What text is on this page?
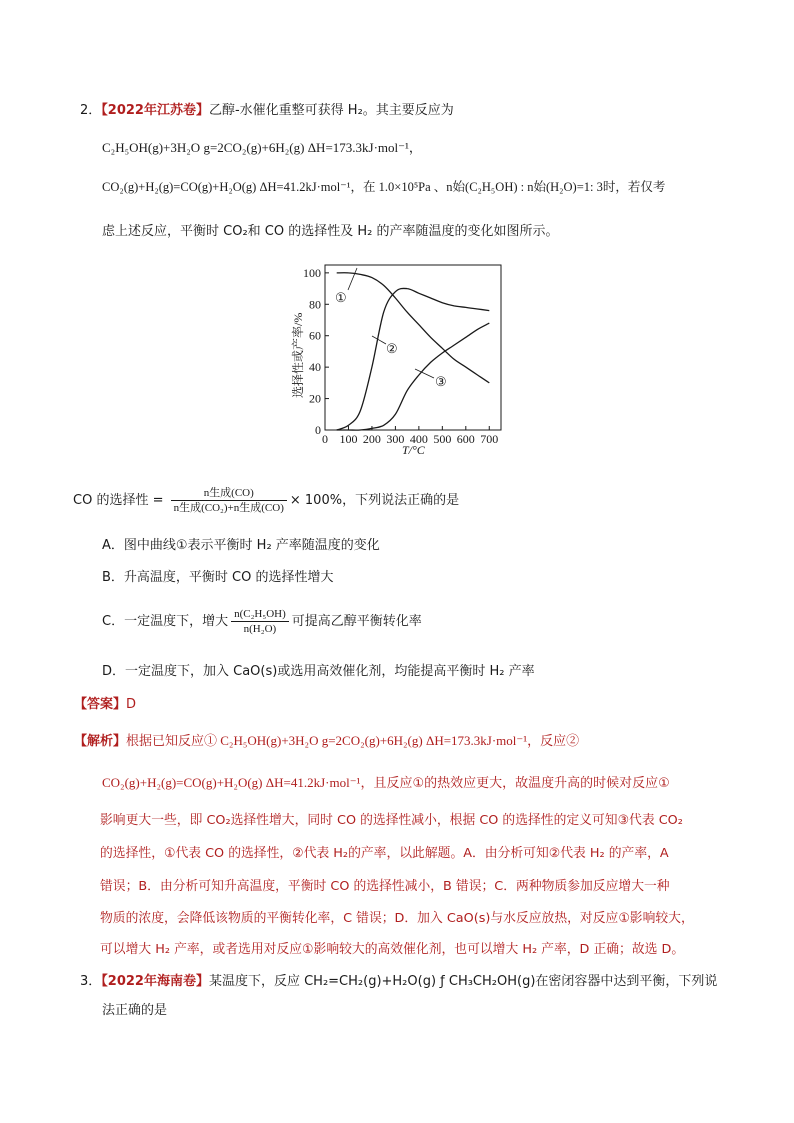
2．【2022年江苏卷】乙醇-水催化重整可获得 H₂。其主要反应为
C₂H₅OH(g)+3H₂O g=2CO₂(g)+6H₂(g) ΔH=173.3kJ·mol⁻¹，
CO₂(g)+H₂(g)=CO(g)+H₂O(g) ΔH=41.2kJ·mol⁻¹，在 1.0×10⁵Pa 、n始(C₂H₅OH) : n始(H₂O)=1: 3时，若仅考
虑上述反应，平衡时 CO₂和 CO 的选择性及 H₂ 的产率随温度的变化如图所示。
0
20
40
60
80
100
0 100 200 300 400 500 600 700
①
②
③
选择性或产率/%
T/°C
CO 的选择性 = $\frac{\text{n生成(CO)}}{\text{n生成(CO₂)+n生成(CO)}} \times 100\%$，下列说法正确的是
A．图中曲线①表示平衡时 H₂ 产率随温度的变化
B．升高温度，平衡时 CO 的选择性增大
C．一定温度下，增大 $\frac{\text{n(C₂H₅OH)}}{\text{n(H₂O)}}$ 可提高乙醇平衡转化率
D．一定温度下，加入 CaO(s)或选用高效催化剂，均能提高平衡时 H₂ 产率
【答案】D
【解析】根据已知反应① C₂H₅OH(g)+3H₂O g=2CO₂(g)+6H₂(g) ΔH=173.3kJ·mol⁻¹，反应②
CO₂(g)+H₂(g)=CO(g)+H₂O(g) ΔH=41.2kJ·mol⁻¹，且反应①的热效应更大，故温度升高的时候对反应①
影响更大一些，即 CO₂选择性增大，同时 CO 的选择性减小，根据 CO 的选择性的定义可知③代表 CO₂
的选择性，①代表 CO 的选择性，②代表 H₂的产率，以此解题。A．由分析可知②代表 H₂ 的产率，A
错误；B．由分析可知升高温度，平衡时 CO 的选择性减小，B 错误；C．两种物质参加反应增大一种
物质的浓度，会降低该物质的平衡转化率，C 错误；D．加入 CaO(s)与水反应放热，对反应①影响较大，
可以增大 H₂ 产率，或者选用对反应①影响较大的高效催化剂，也可以增大 H₂ 产率，D 正确；故选 D。
3．【2022年海南卷】某温度下，反应 CH₂=CH₂(g)+H₂O(g) ƒ CH₃CH₂OH(g)在密闭容器中达到平衡，下列说
法正确的是
